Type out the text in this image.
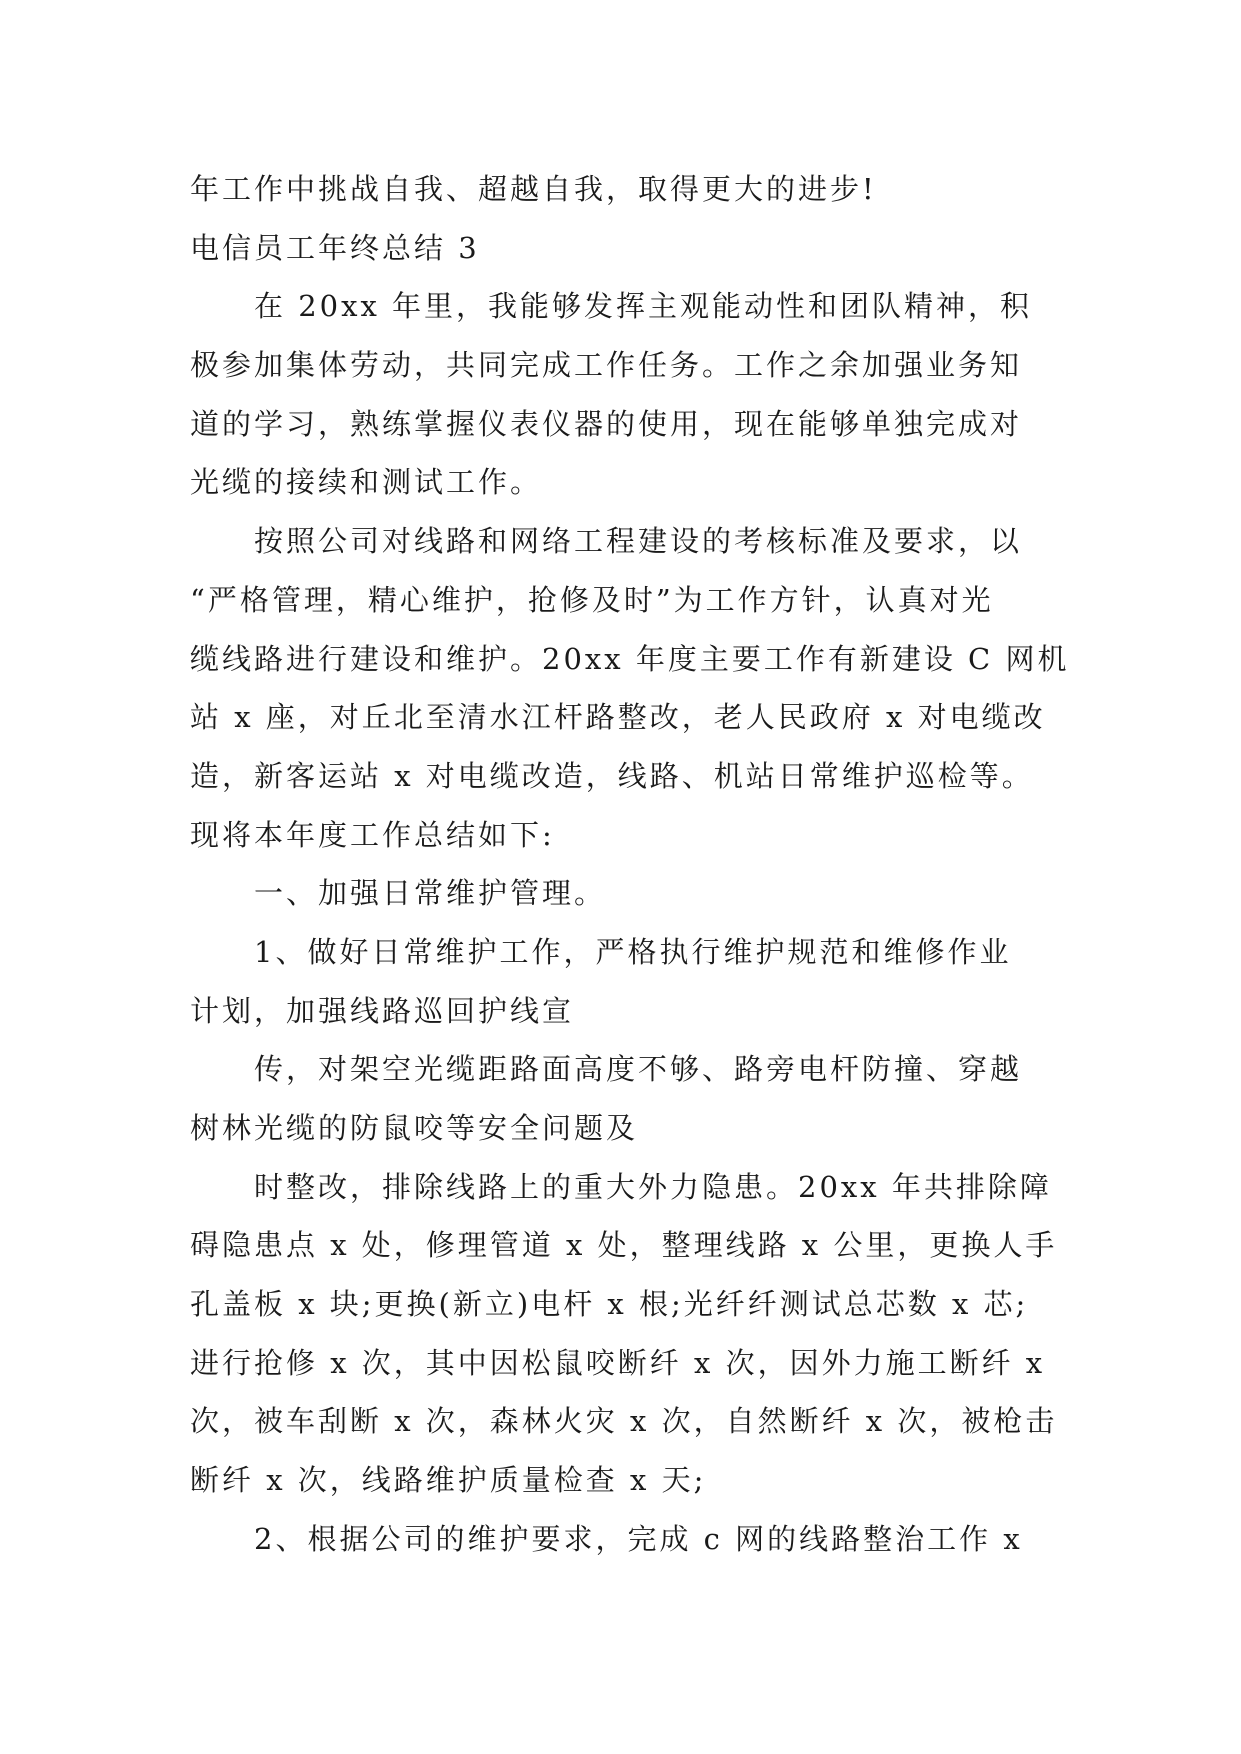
年工作中挑战自我、超越自我，取得更大的进步!
电信员工年终总结 3
在 20xx 年里，我能够发挥主观能动性和团队精神，积
极参加集体劳动，共同完成工作任务。工作之余加强业务知
道的学习，熟练掌握仪表仪器的使用，现在能够单独完成对
光缆的接续和测试工作。
按照公司对线路和网络工程建设的考核标准及要求，以
“严格管理，精心维护，抢修及时”为工作方针，认真对光
缆线路进行建设和维护。20xx 年度主要工作有新建设 C 网机
站 x 座，对丘北至清水江杆路整改，老人民政府 x 对电缆改
造，新客运站 x 对电缆改造，线路、机站日常维护巡检等。
现将本年度工作总结如下:
一、加强日常维护管理。
1、做好日常维护工作，严格执行维护规范和维修作业
计划，加强线路巡回护线宣
传，对架空光缆距路面高度不够、路旁电杆防撞、穿越
树林光缆的防鼠咬等安全问题及
时整改，排除线路上的重大外力隐患。20xx 年共排除障
碍隐患点 x 处，修理管道 x 处，整理线路 x 公里，更换人手
孔盖板 x 块;更换(新立)电杆 x 根;光纤纤测试总芯数 x 芯;
进行抢修 x 次，其中因松鼠咬断纤 x 次，因外力施工断纤 x
次，被车刮断 x 次，森林火灾 x 次，自然断纤 x 次，被枪击
断纤 x 次，线路维护质量检查 x 天;
2、根据公司的维护要求，完成 c 网的线路整治工作 x
